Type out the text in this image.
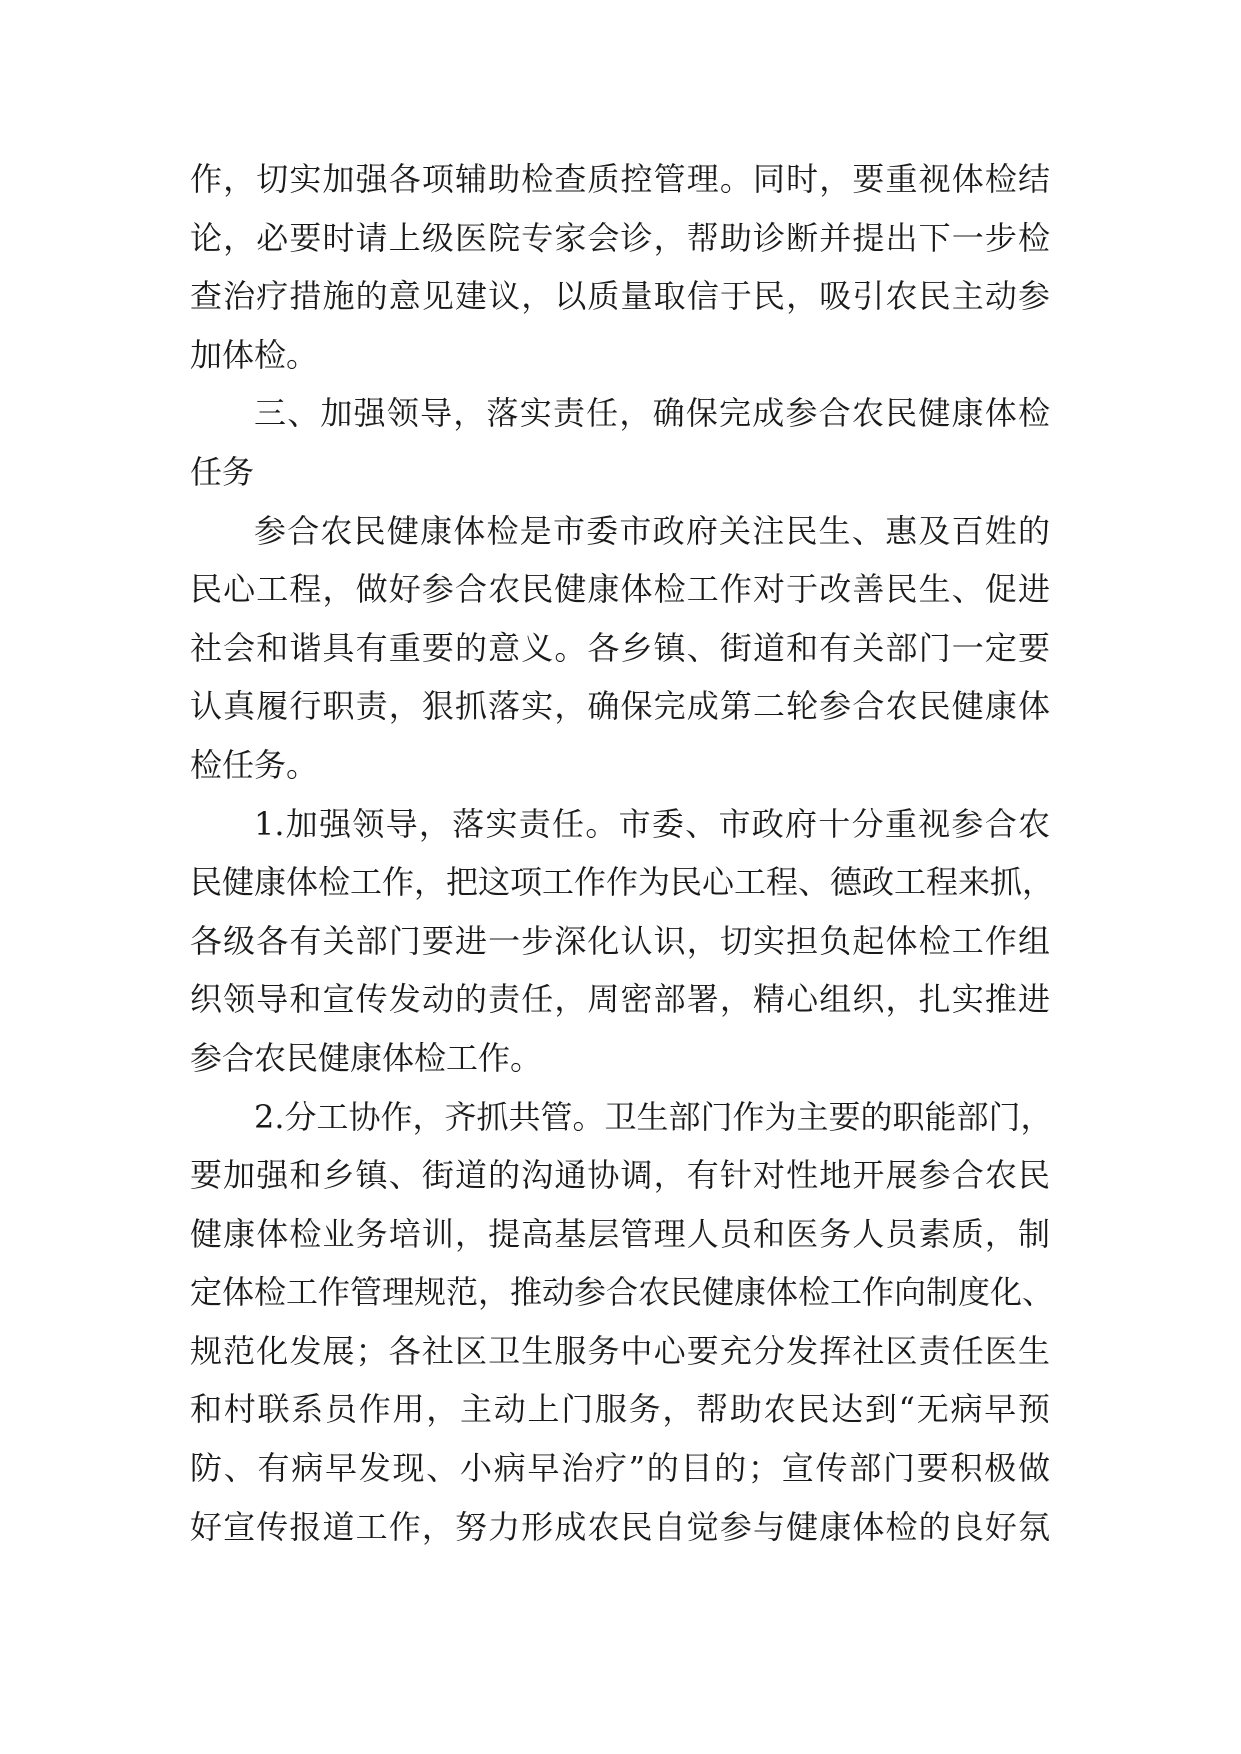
作，切实加强各项辅助检查质控管理。同时，要重视体检结
论，必要时请上级医院专家会诊，帮助诊断并提出下一步检
查治疗措施的意见建议，以质量取信于民，吸引农民主动参
加体检。
三、加强领导，落实责任，确保完成参合农民健康体检
任务
参合农民健康体检是市委市政府关注民生、惠及百姓的
民心工程，做好参合农民健康体检工作对于改善民生、促进
社会和谐具有重要的意义。各乡镇、街道和有关部门一定要
认真履行职责，狠抓落实，确保完成第二轮参合农民健康体
检任务。
1.加强领导，落实责任。市委、市政府十分重视参合农
民健康体检工作，把这项工作作为民心工程、德政工程来抓，
各级各有关部门要进一步深化认识，切实担负起体检工作组
织领导和宣传发动的责任，周密部署，精心组织，扎实推进
参合农民健康体检工作。
2.分工协作，齐抓共管。卫生部门作为主要的职能部门，
要加强和乡镇、街道的沟通协调，有针对性地开展参合农民
健康体检业务培训，提高基层管理人员和医务人员素质，制
定体检工作管理规范，推动参合农民健康体检工作向制度化、
规范化发展；各社区卫生服务中心要充分发挥社区责任医生
和村联系员作用，主动上门服务，帮助农民达到“无病早预
防、有病早发现、小病早治疗”的目的；宣传部门要积极做
好宣传报道工作，努力形成农民自觉参与健康体检的良好氛
